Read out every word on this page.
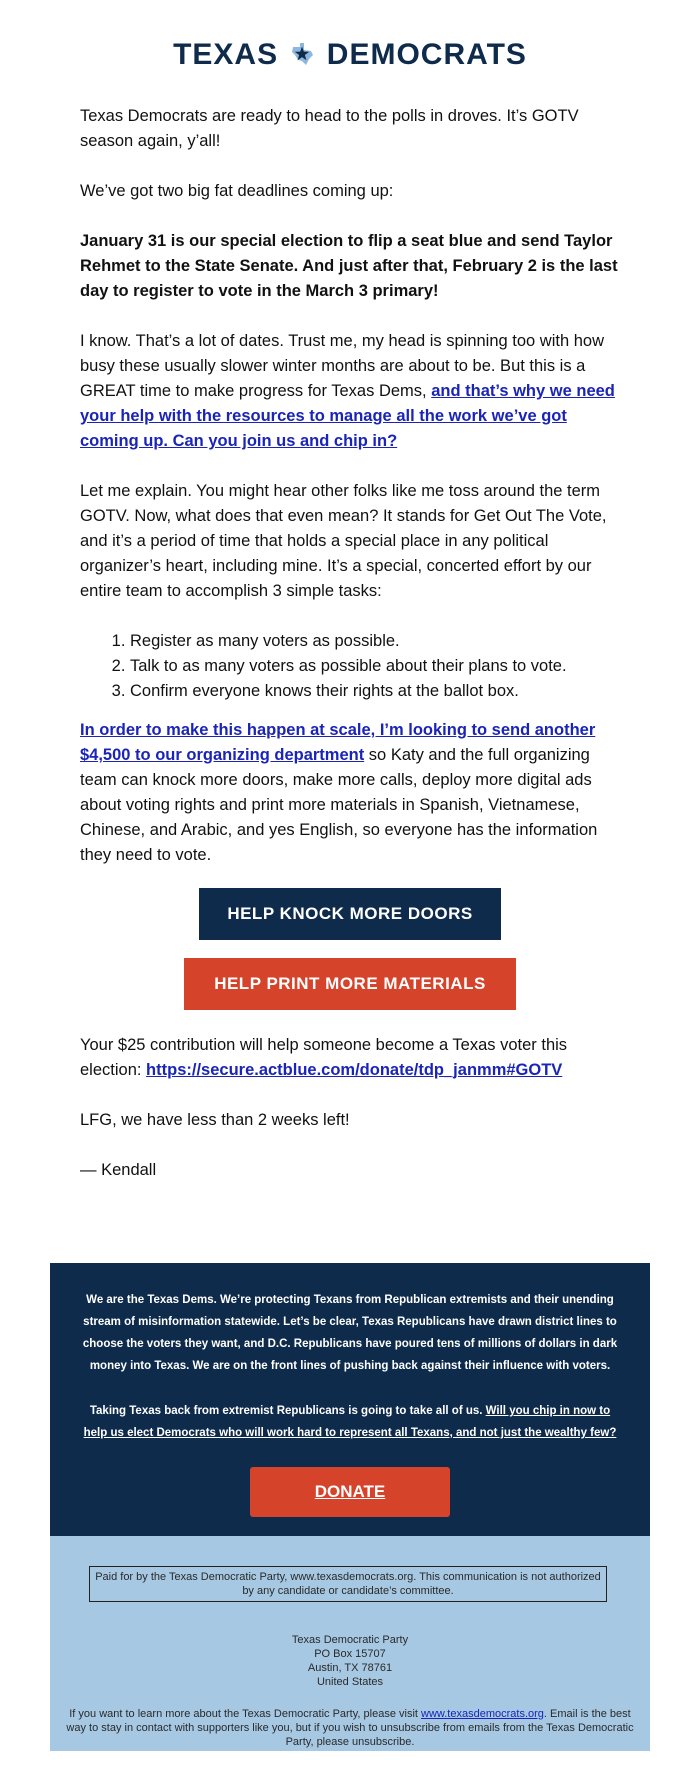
TEXAS DEMOCRATS

Texas Democrats are ready to head to the polls in droves. It’s GOTV season again, y’all!

We’ve got two big fat deadlines coming up:

January 31 is our special election to flip a seat blue and send Taylor Rehmet to the State Senate. And just after that, February 2 is the last day to register to vote in the March 3 primary!

I know. That’s a lot of dates. Trust me, my head is spinning too with how busy these usually slower winter months are about to be. But this is a GREAT time to make progress for Texas Dems, and that’s why we need your help with the resources to manage all the work we’ve got coming up. Can you join us and chip in?

Let me explain. You might hear other folks like me toss around the term GOTV. Now, what does that even mean? It stands for Get Out The Vote, and it’s a period of time that holds a special place in any political organizer’s heart, including mine. It’s a special, concerted effort by our entire team to accomplish 3 simple tasks:

1. Register as many voters as possible.
2. Talk to as many voters as possible about their plans to vote.
3. Confirm everyone knows their rights at the ballot box.

In order to make this happen at scale, I’m looking to send another $4,500 to our organizing department so Katy and the full organizing team can knock more doors, make more calls, deploy more digital ads about voting rights and print more materials in Spanish, Vietnamese, Chinese, and Arabic, and yes English, so everyone has the information they need to vote.

HELP KNOCK MORE DOORS
HELP PRINT MORE MATERIALS

Your $25 contribution will help someone become a Texas voter this election: https://secure.actblue.com/donate/tdp_janmm#GOTV

LFG, we have less than 2 weeks left!

— Kendall

We are the Texas Dems. We’re protecting Texans from Republican extremists and their unending stream of misinformation statewide. Let’s be clear, Texas Republicans have drawn district lines to choose the voters they want, and D.C. Republicans have poured tens of millions of dollars in dark money into Texas. We are on the front lines of pushing back against their influence with voters.
Taking Texas back from extremist Republicans is going to take all of us. Will you chip in now to help us elect Democrats who will work hard to represent all Texans, and not just the wealthy few?
DONATE
Paid for by the Texas Democratic Party, www.texasdemocrats.org. This communication is not authorized by any candidate or candidate’s committee.
Texas Democratic Party
PO Box 15707
Austin, TX 78761
United States
If you want to learn more about the Texas Democratic Party, please visit www.texasdemocrats.org. Email is the best way to stay in contact with supporters like you, but if you wish to unsubscribe from emails from the Texas Democratic Party, please unsubscribe.
